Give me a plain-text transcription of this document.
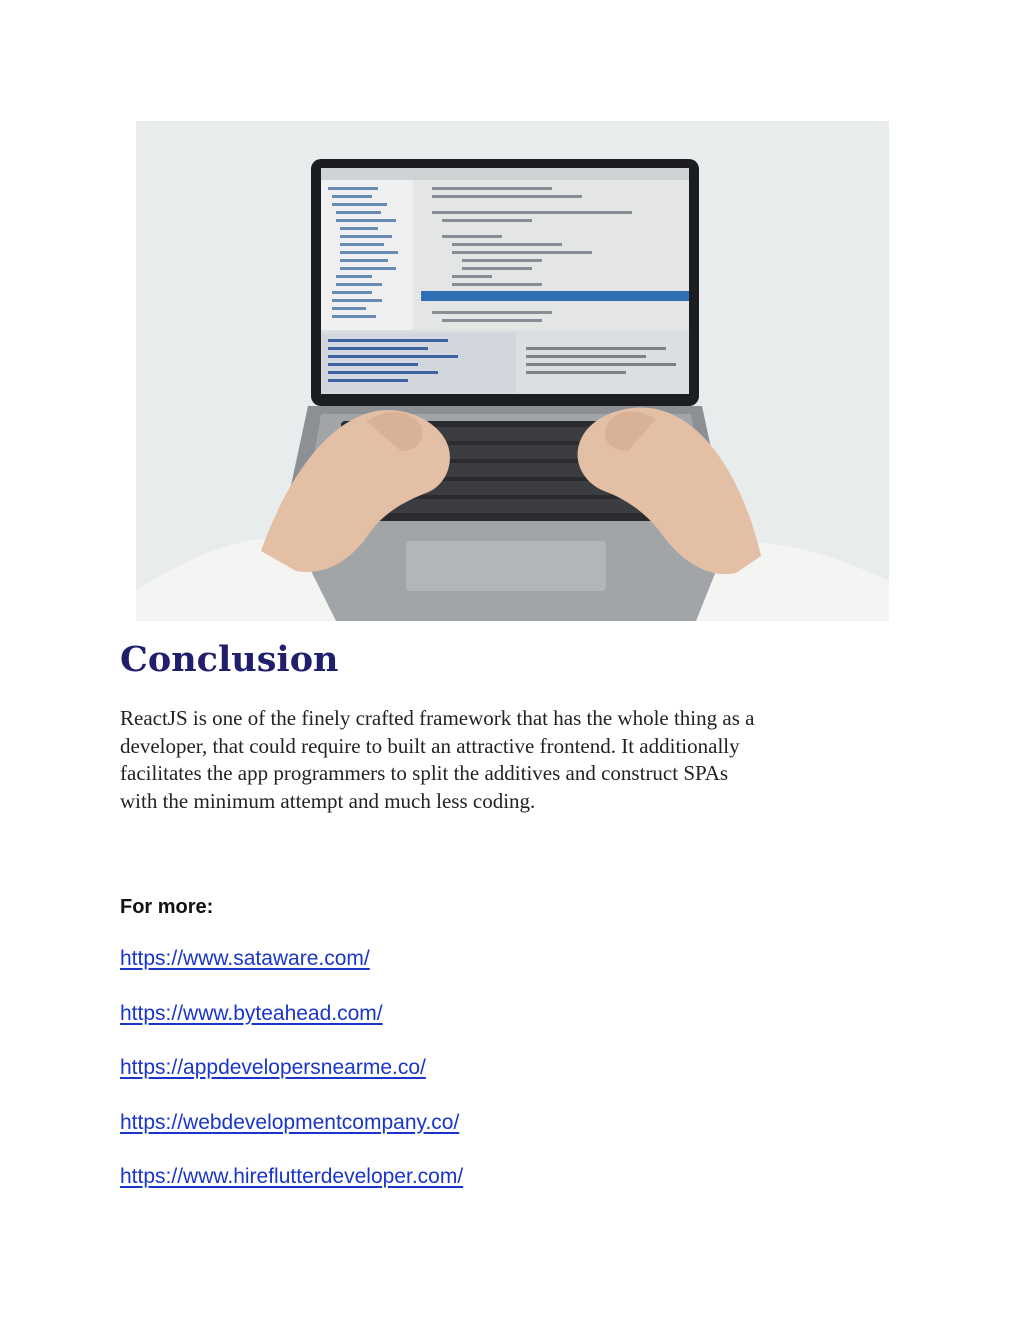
Conclusion

ReactJS is one of the finely crafted framework that has the whole thing as a
developer, that could require to built an attractive frontend. It additionally
facilitates the app programmers to split the additives and construct SPAs
with the minimum attempt and much less coding.

For more:

https://www.sataware.com/
https://www.byteahead.com/
https://appdevelopersnearme.co/
https://webdevelopmentcompany.co/
https://www.hireflutterdeveloper.com/
